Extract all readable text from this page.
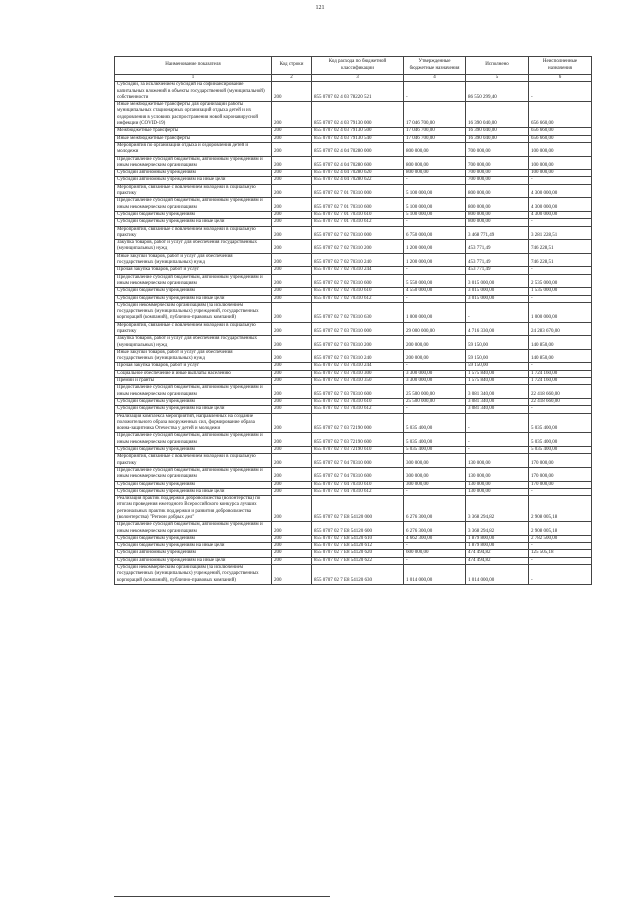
121
Наименование показателя	Код строки	Код расхода по бюджетной классификации	Утвержденные бюджетные назначения	Исполнено	Неисполненные назначения
1	2	3	4	5	6
Субсидии, за исключением субсидий на софинансирование капитальных вложений в объекты государственной (муниципальной) собственности	200	855 0707 02 4 03 78220 521	-	86 550 299,40	-
Иные межбюджетные трансферты для организации работы муниципальных стационарных организаций отдыха детей и их оздоровления в условиях распространения новой коронавирусной инфекции (COVID-19)	200	855 0707 02 4 03 79130 000	17 046 700,00	16 390 040,00	656 660,00
Межбюджетные трансферты	200	855 0707 02 4 03 79130 500	17 046 700,00	16 390 040,00	656 660,00
Иные межбюджетные трансферты	200	855 0707 02 4 03 79130 540	17 046 700,00	16 390 040,00	656 660,00
Мероприятия по организации отдыха и оздоровления детей и молодежи	200	855 0707 02 4 04 70280 000	800 000,00	700 000,00	100 000,00
Предоставление субсидий бюджетным, автономным учреждениям и иным некоммерческим организациям	200	855 0707 02 4 04 70280 600	800 000,00	700 000,00	100 000,00
Субсидии автономным учреждениям	200	855 0707 02 4 04 70280 620	800 000,00	700 000,00	100 000,00
Субсидии автономным учреждениям на иные цели	200	855 0707 02 4 04 70280 622	-	700 000,00	-
Мероприятия, связанные с вовлечением молодежи в социальную практику	200	855 0707 02 7 01 70310 000	5 100 000,00	800 000,00	4 300 000,00
Предоставление субсидий бюджетным, автономным учреждениям и иным некоммерческим организациям	200	855 0707 02 7 01 70310 600	5 100 000,00	800 000,00	4 300 000,00
Субсидии бюджетным учреждениям	200	855 0707 02 7 01 70310 610	5 100 000,00	800 000,00	4 300 000,00
Субсидии бюджетным учреждениям на иные цели	200	855 0707 02 7 01 70310 612	-	800 000,00	-
Мероприятия, связанные с вовлечением молодежи в социальную практику	200	855 0707 02 7 02 70310 000	6 750 000,00	3 468 771,49	3 281 228,51
Закупка товаров, работ и услуг для обеспечения государственных (муниципальных) нужд	200	855 0707 02 7 02 70310 200	1 200 000,00	453 771,49	746 228,51
Иные закупки товаров, работ и услуг для обеспечения государственных (муниципальных) нужд	200	855 0707 02 7 02 70310 240	1 200 000,00	453 771,49	746 228,51
Прочая закупка товаров, работ и услуг	200	855 0707 02 7 02 70310 244	-	453 771,49	-
Предоставление субсидий бюджетным, автономным учреждениям и иным некоммерческим организациям	200	855 0707 02 7 02 70310 600	5 550 000,00	3 015 000,00	2 535 000,00
Субсидии бюджетным учреждениям	200	855 0707 02 7 02 70310 610	4 550 000,00	3 015 000,00	1 535 000,00
Субсидии бюджетным учреждениям на иные цели	200	855 0707 02 7 02 70310 612	-	3 015 000,00	-
Субсидии некоммерческим организациям (за исключением государственных (муниципальных) учреждений, государственных корпораций (компаний), публично-правовых компаний)	200	855 0707 02 7 02 70310 630	1 000 000,00	-	1 000 000,00
Мероприятия, связанные с вовлечением молодежи в социальную практику	200	855 0707 02 7 03 70310 000	29 000 000,00	4 716 330,00	24 283 670,00
Закупка товаров, работ и услуг для обеспечения государственных (муниципальных) нужд	200	855 0707 02 7 03 70310 200	200 000,00	59 150,00	140 850,00
Иные закупки товаров, работ и услуг для обеспечения государственных (муниципальных) нужд	200	855 0707 02 7 03 70310 240	200 000,00	59 150,00	140 850,00
Прочая закупка товаров, работ и услуг	200	855 0707 02 7 03 70310 244	-	59 150,00	-
Социальное обеспечение и иные выплаты населению	200	855 0707 02 7 03 70310 300	3 300 000,00	1 575 840,00	1 724 160,00
Премии и гранты	200	855 0707 02 7 03 70310 350	3 300 000,00	1 575 840,00	1 724 160,00
Предоставление субсидий бюджетным, автономным учреждениям и иным некоммерческим организациям	200	855 0707 02 7 03 70310 600	25 500 000,00	3 081 340,00	22 418 660,00
Субсидии бюджетным учреждениям	200	855 0707 02 7 03 70310 610	25 500 000,00	3 081 340,00	22 418 660,00
Субсидии бюджетным учреждениям на иные цели	200	855 0707 02 7 03 70310 612	-	3 081 340,00	-
Реализация комплекса мероприятий, направленных на создание положительного образа вооруженных сил, формирование образа воина-защитника Отечества у детей и молодежи	200	855 0707 02 7 03 72190 000	5 035 400,00	-	5 035 400,00
Предоставление субсидий бюджетным, автономным учреждениям и иным некоммерческим организациям	200	855 0707 02 7 03 72190 600	5 035 400,00	-	5 035 400,00
Субсидии бюджетным учреждениям	200	855 0707 02 7 03 72190 610	5 035 400,00	-	5 035 400,00
Мероприятия, связанные с вовлечением молодежи в социальную практику	200	855 0707 02 7 04 70310 000	300 000,00	130 000,00	170 000,00
Предоставление субсидий бюджетным, автономным учреждениям и иным некоммерческим организациям	200	855 0707 02 7 04 70310 600	300 000,00	130 000,00	170 000,00
Субсидии бюджетным учреждениям	200	855 0707 02 7 04 70310 610	300 000,00	130 000,00	170 000,00
Субсидии бюджетным учреждениям на иные цели	200	855 0707 02 7 04 70310 612	-	130 000,00	-
Реализация практик поддержки добровольчества (волонтерства) по итогам проведения ежегодного Всероссийского конкурса лучших региональных практик поддержки и развития добровольчества (волонтерства) "Регион добрых дел"	200	855 0707 02 7 E8 54120 000	6 276 300,00	3 368 294,82	2 908 005,18
Предоставление субсидий бюджетным, автономным учреждениям и иным некоммерческим организациям	200	855 0707 02 7 E8 54120 600	6 276 300,00	3 368 294,82	2 908 005,18
Субсидии бюджетным учреждениям	200	855 0707 02 7 E8 54120 610	4 662 300,00	1 879 800,00	2 782 500,00
Субсидии бюджетным учреждениям на иные цели	200	855 0707 02 7 E8 54120 612	-	1 879 800,00	-
Субсидии автономным учреждениям	200	855 0707 02 7 E8 54120 620	600 000,00	474 494,82	125 505,18
Субсидии автономным учреждениям на иные цели	200	855 0707 02 7 E8 54120 622	-	474 494,82	-
Субсидии некоммерческим организациям (за исключением государственных (муниципальных) учреждений, государственных корпораций (компаний), публично-правовых компаний)	200	855 0707 02 7 E8 54120 630	1 014 000,00	1 014 000,00	-
